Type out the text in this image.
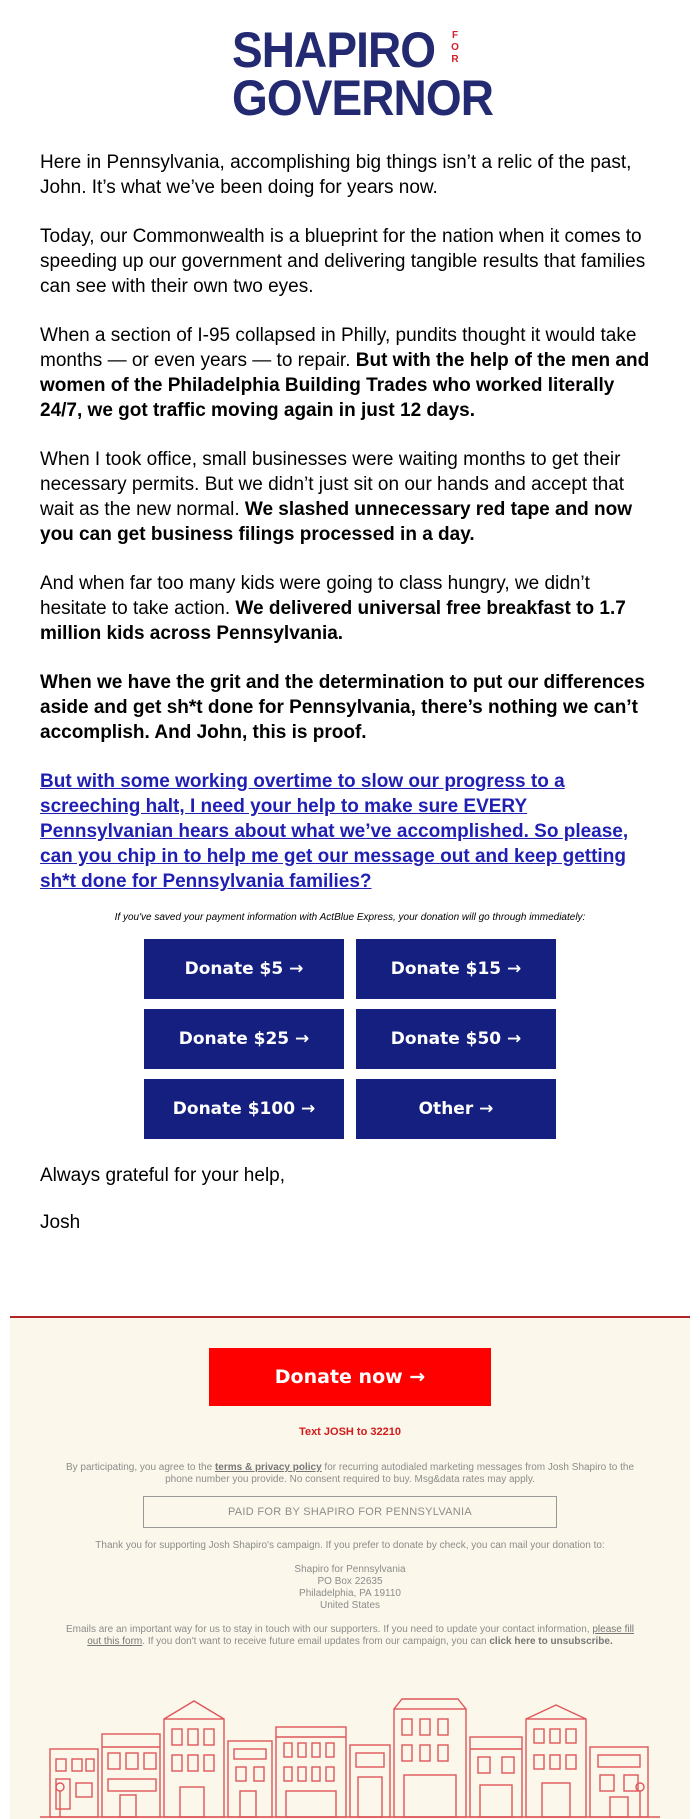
SHAPIRO	F
O
R
GOVERNOR

Here in Pennsylvania, accomplishing big things isn’t a relic of the past, John. It’s what we’ve been doing for years now.

Today, our Commonwealth is a blueprint for the nation when it comes to speeding up our government and delivering tangible results that families can see with their own two eyes.

When a section of I-95 collapsed in Philly, pundits thought it would take months — or even years — to repair. But with the help of the men and women of the Philadelphia Building Trades who worked literally 24/7, we got traffic moving again in just 12 days.

When I took office, small businesses were waiting months to get their necessary permits. But we didn’t just sit on our hands and accept that wait as the new normal. We slashed unnecessary red tape and now you can get business filings processed in a day.

And when far too many kids were going to class hungry, we didn’t hesitate to take action. We delivered universal free breakfast to 1.7 million kids across Pennsylvania.

When we have the grit and the determination to put our differences aside and get sh*t done for Pennsylvania, there’s nothing we can’t accomplish. And John, this is proof.

But with some working overtime to slow our progress to a screeching halt, I need your help to make sure EVERY Pennsylvanian hears about what we’ve accomplished. So please, can you chip in to help me get our message out and keep getting sh*t done for Pennsylvania families?

If you've saved your payment information with ActBlue Express, your donation will go through immediately:
Donate $5 →	Donate $15 →
Donate $25 →	Donate $50 →
Donate $100 →	Other →

Always grateful for your help,

Josh

Donate now →
Text JOSH to 32210
By participating, you agree to the terms & privacy policy for recurring autodialed marketing messages from Josh Shapiro to the phone number you provide. No consent required to buy. Msg&data rates may apply.
PAID FOR BY SHAPIRO FOR PENNSYLVANIA
Thank you for supporting Josh Shapiro's campaign. If you prefer to donate by check, you can mail your donation to:
Shapiro for Pennsylvania
PO Box 22635
Philadelphia, PA 19110
United States
Emails are an important way for us to stay in touch with our supporters. If you need to update your contact information, please fill out this form. If you don't want to receive future email updates from our campaign, you can click here to unsubscribe.
